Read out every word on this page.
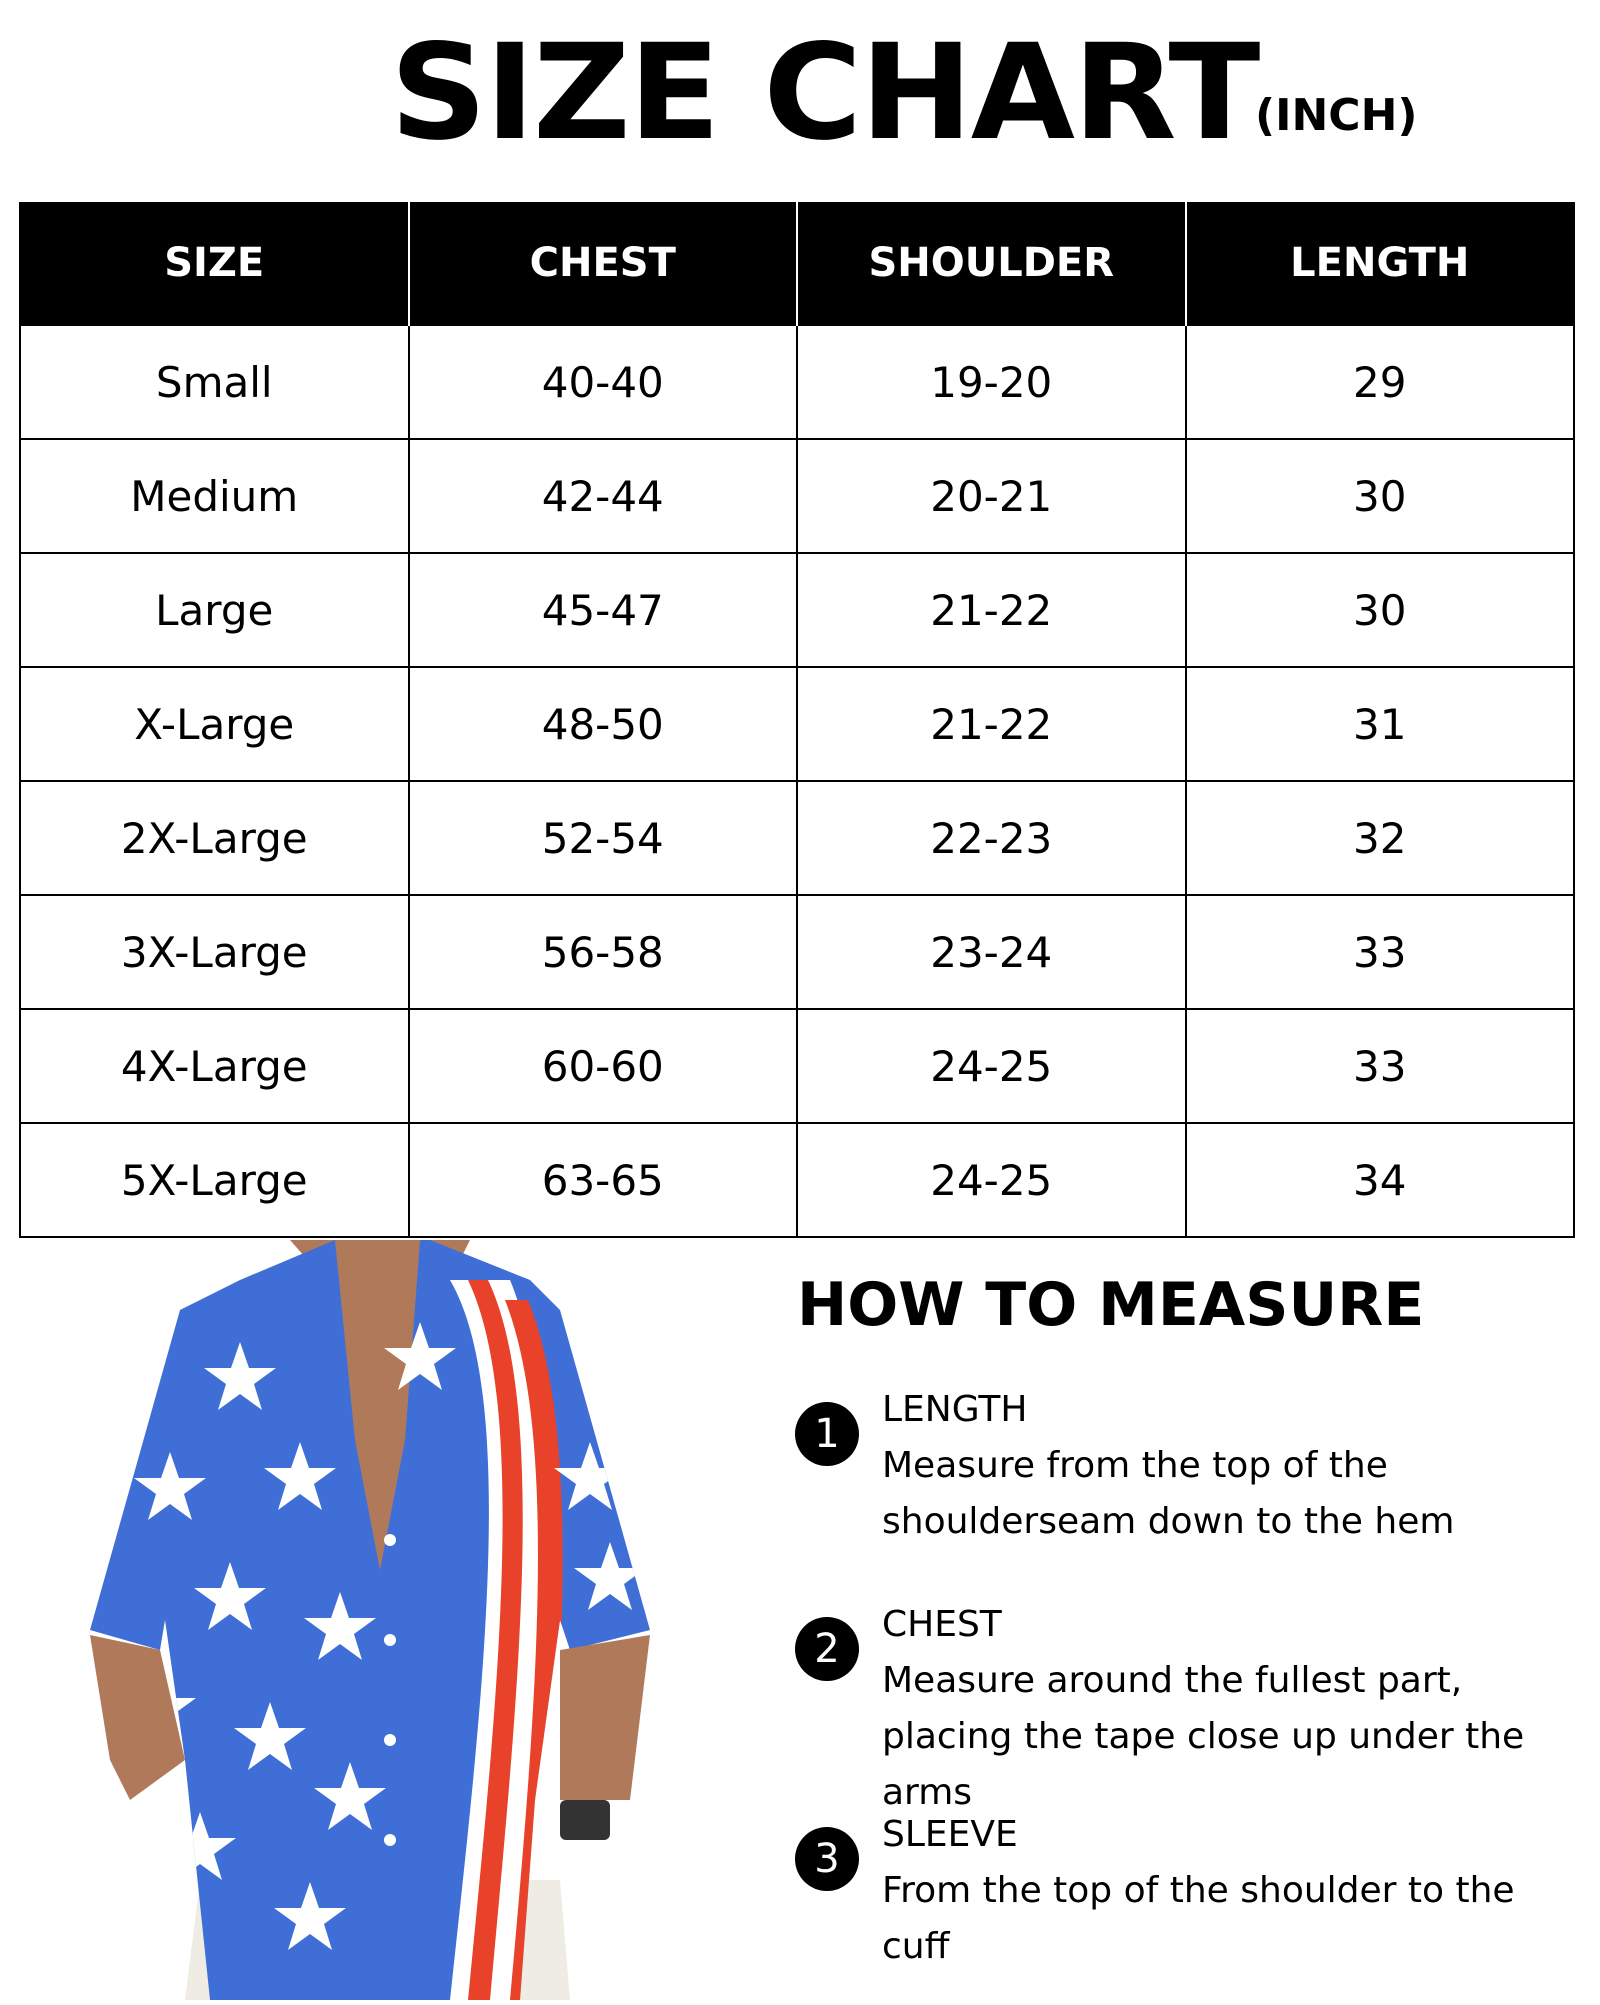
SIZE CHART
(INCH)
SIZE	CHEST	SHOULDER	LENGTH
Small	40-40	19-20	29
Medium	42-44	20-21	30
Large	45-47	21-22	30
X-Large	48-50	21-22	31
2X-Large	52-54	22-23	32
3X-Large	56-58	23-24	33
4X-Large	60-60	24-25	33
5X-Large	63-65	24-25	34
HOW TO MEASURE
1
LENGTH
Measure from the top of the shoulderseam down to the hem
2
CHEST
Measure around the fullest part, placing the tape close up under the arms
3
SLEEVE
From the top of the shoulder to the cuff
